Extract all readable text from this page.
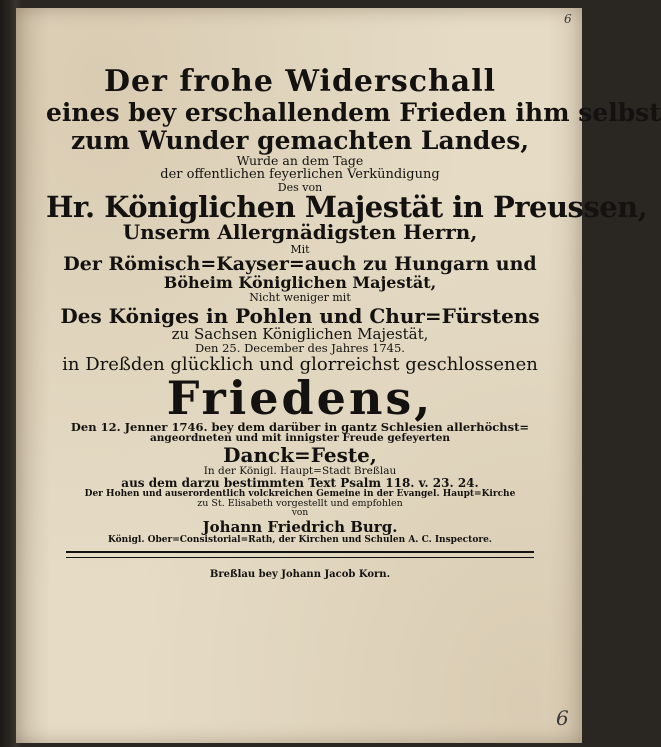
6
6
Der frohe Widerschall
eines bey erschallendem Frieden ihm selbst
zum Wunder gemachten Landes,
Wurde an dem Tage
der offentlichen feyerlichen Verkündigung
Des von
Hr. Königlichen Majestät in Preussen,
Unserm Allergnädigsten Herrn,
Mit
Der Römisch=Kayser=auch zu Hungarn und
Böheim Königlichen Majestät,
Nicht weniger mit
Des Königes in Pohlen und Chur=Fürstens
zu Sachsen Königlichen Majestät,
Den 25. December des Jahres 1745.
in Dreßden glücklich und glorreichst geschlossenen
Friedens,
Den 12. Jenner 1746. bey dem darüber in gantz Schlesien allerhöchst=
angeordneten und mit innigster Freude gefeyerten
Danck=Feste,
In der Königl. Haupt=Stadt Breßlau
aus dem darzu bestimmten Text Psalm 118. v. 23. 24.
Der Hohen und auserordentlich volckreichen Gemeine in der Evangel. Haupt=Kirche
zu St. Elisabeth vorgestellt und empfohlen
von
Johann Friedrich Burg.
Königl. Ober=Consistorial=Rath, der Kirchen und Schulen A. C. Inspectore.
Breßlau bey Johann Jacob Korn.
